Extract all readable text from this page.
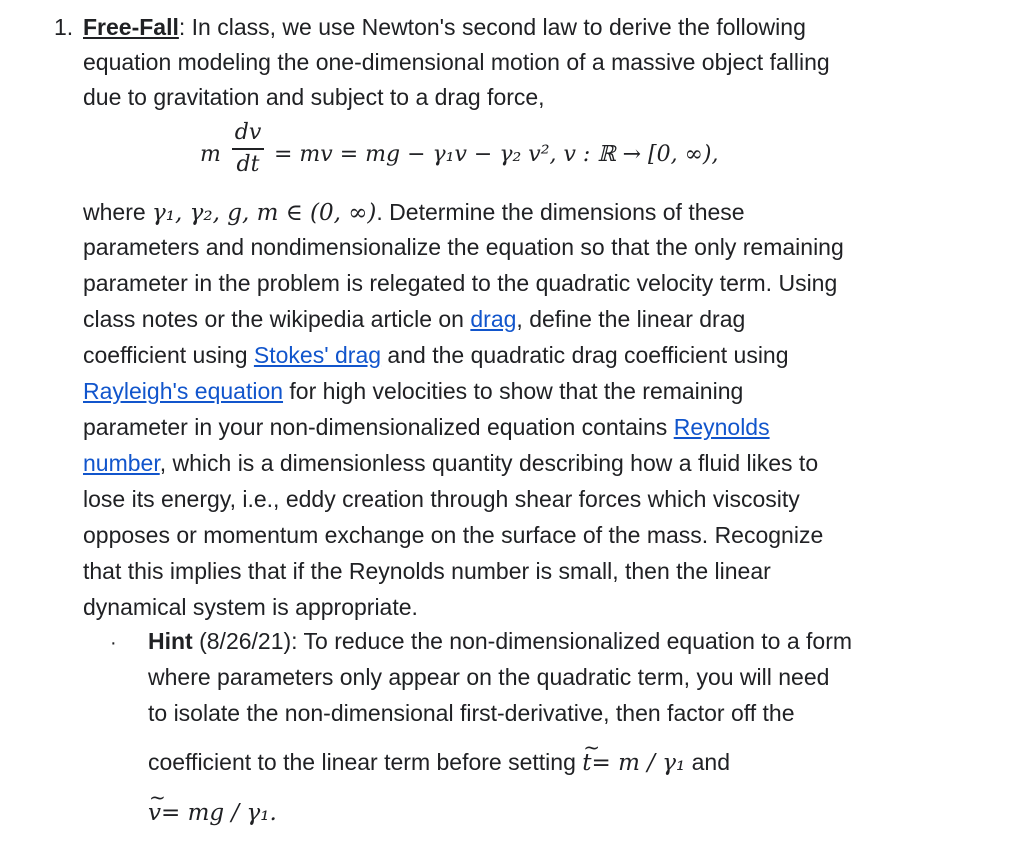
1. Free-Fall: In class, we use Newton's second law to derive the following
equation modeling the one-dimensional motion of a massive object falling
due to gravitation and subject to a drag force,
m
dv
dt = mv = mg − γ₁v − γ₂ v², v : ℝ → [0, ∞),
where γ₁, γ₂, g, m ∈ (0, ∞). Determine the dimensions of these
parameters and nondimensionalize the equation so that the only remaining
parameter in the problem is relegated to the quadratic velocity term. Using
class notes or the wikipedia article on drag, define the linear drag
coefficient using Stokes' drag and the quadratic drag coefficient using
Rayleigh's equation for high velocities to show that the remaining
parameter in your non-dimensionalized equation contains Reynolds
number, which is a dimensionless quantity describing how a fluid likes to
lose its energy, i.e., eddy creation through shear forces which viscosity
opposes or momentum exchange on the surface of the mass. Recognize
that this implies that if the Reynolds number is small, then the linear
dynamical system is appropriate.
· Hint (8/26/21): To reduce the non-dimensionalized equation to a form
where parameters only appear on the quadratic term, you will need
to isolate the non-dimensional first-derivative, then factor off the
coefficient to the linear term before setting ~ t= m / γ₁ and
~ v= mg / γ₁.
